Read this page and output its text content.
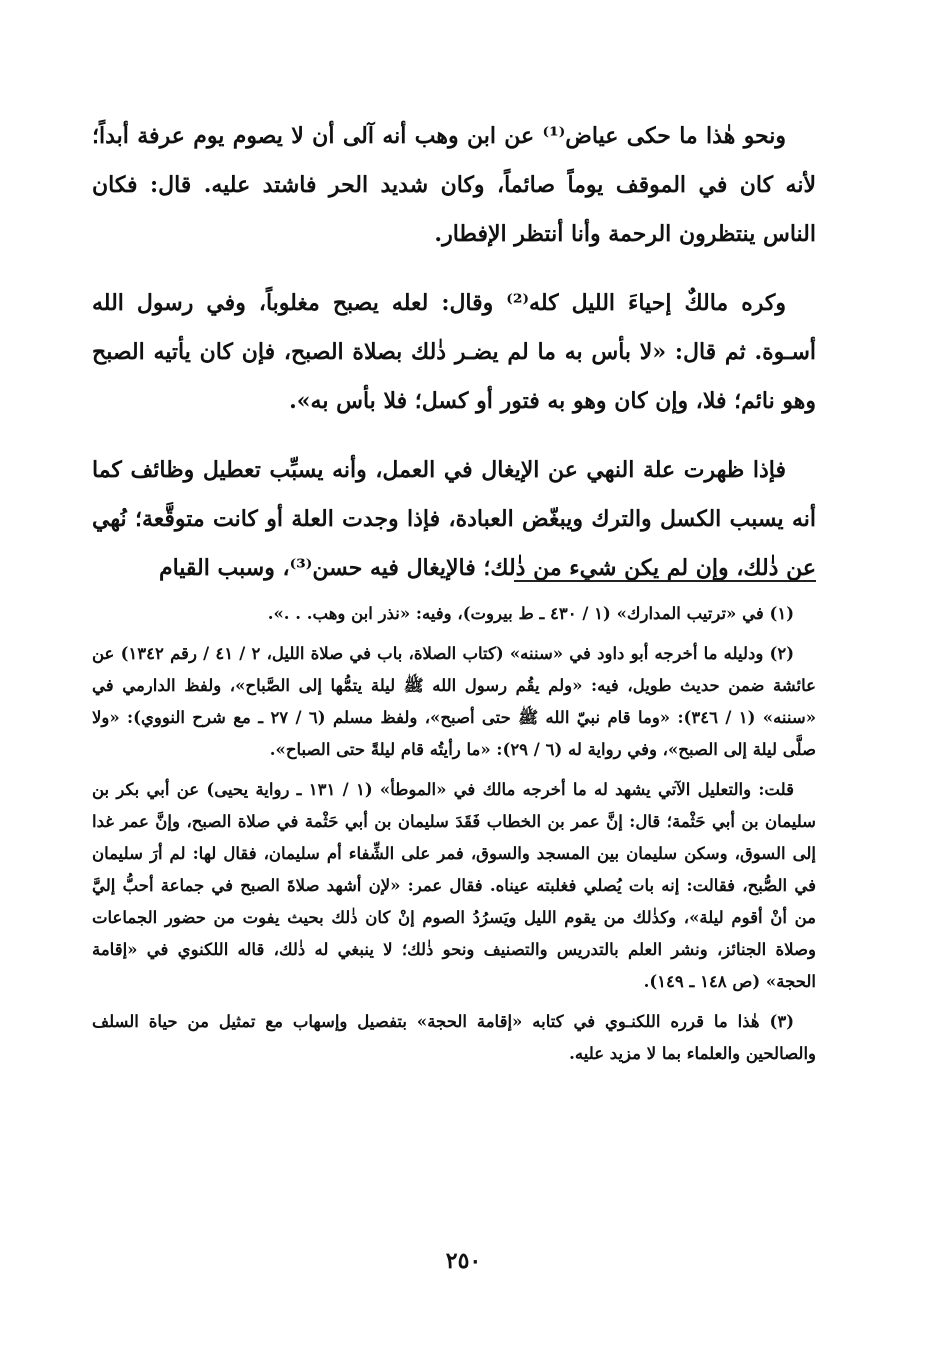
ونحو هٰذا ما حكى عياض⁽¹⁾ عن ابن وهب أنه آلى أن لا يصوم يوم عرفة أبداً؛ لأنه كان في الموقف يوماً صائماً، وكان شديد الحر فاشتد عليه. قال: فكان الناس ينتظرون الرحمة وأنا أنتظر الإفطار.

وكره مالكٌ إحياءَ الليل كله⁽²⁾ وقال: لعله يصبح مغلوباً، وفي رسول الله أسـوة. ثم قال: «لا بأس به ما لم يضـر ذٰلك بصلاة الصبح، فإن كان يأتيه الصبح وهو نائم؛ فلا، وإن كان وهو به فتور أو كسل؛ فلا بأس به».

فإذا ظهرت علة النهي عن الإيغال في العمل، وأنه يسبِّب تعطيل وظائف كما أنه يسبب الكسل والترك ويبغّض العبادة، فإذا وجدت العلة أو كانت متوقَّعة؛ نُهي عن ذٰلك، وإن لم يكن شيء من ذٰلك؛ فالإيغال فيه حسن⁽³⁾، وسبب القيام

(١) في «ترتيب المدارك» (١ / ٤٣٠ ـ ط بيروت)، وفيه: «نذر ابن وهب. . .».

(٢) ودليله ما أخرجه أبو داود في «سننه» (كتاب الصلاة، باب في صلاة الليل، ٢ / ٤١ / رقم ١٣٤٢) عن عائشة ضمن حديث طويل، فيه: «ولم يقُم رسول الله ﷺ ليلة يتمُّها إلى الصَّباح»، ولفظ الدارمي في «سننه» (١ / ٣٤٦): «وما قام نبيّ الله ﷺ حتى أصبح»، ولفظ مسلم (٦ / ٢٧ ـ مع شرح النووي): «ولا صلَّى ليلة إلى الصبح»، وفي رواية له (٦ / ٢٩): «ما رأيتُه قام ليلةً حتى الصباح».

قلت: والتعليل الآتي يشهد له ما أخرجه مالك في «الموطأ» (١ / ١٣١ ـ رواية يحيى) عن أبي بكر بن سليمان بن أبي حَثْمة؛ قال: إنَّ عمر بن الخطاب فَقَدَ سليمان بن أبي حَثْمة في صلاة الصبح، وإنَّ عمر غدا إلى السوق، وسكن سليمان بين المسجد والسوق، فمر على الشِّفاء أم سليمان، فقال لها: لم أرَ سليمان في الصُّبح، فقالت: إنه بات يُصلي فغلبته عيناه. فقال عمر: «لإن أشهد صلاةَ الصبح في جماعة أحبُّ إليَّ من أنْ أقوم ليلة»، وكذٰلك من يقوم الليل ويَسرُدُ الصوم إنْ كان ذٰلك بحيث يفوت من حضور الجماعات وصلاة الجنائز، ونشر العلم بالتدريس والتصنيف ونحو ذٰلك؛ لا ينبغي له ذٰلك، قاله اللكنوي في «إقامة الحجة» (ص ١٤٨ ـ ١٤٩).

(٣) هٰذا ما قرره اللكنـوي في كتابه «إقامة الحجة» بتفصيل وإسهاب مع تمثيل من حياة السلف والصالحين والعلماء بما لا مزيد عليه.

٢٥٠
